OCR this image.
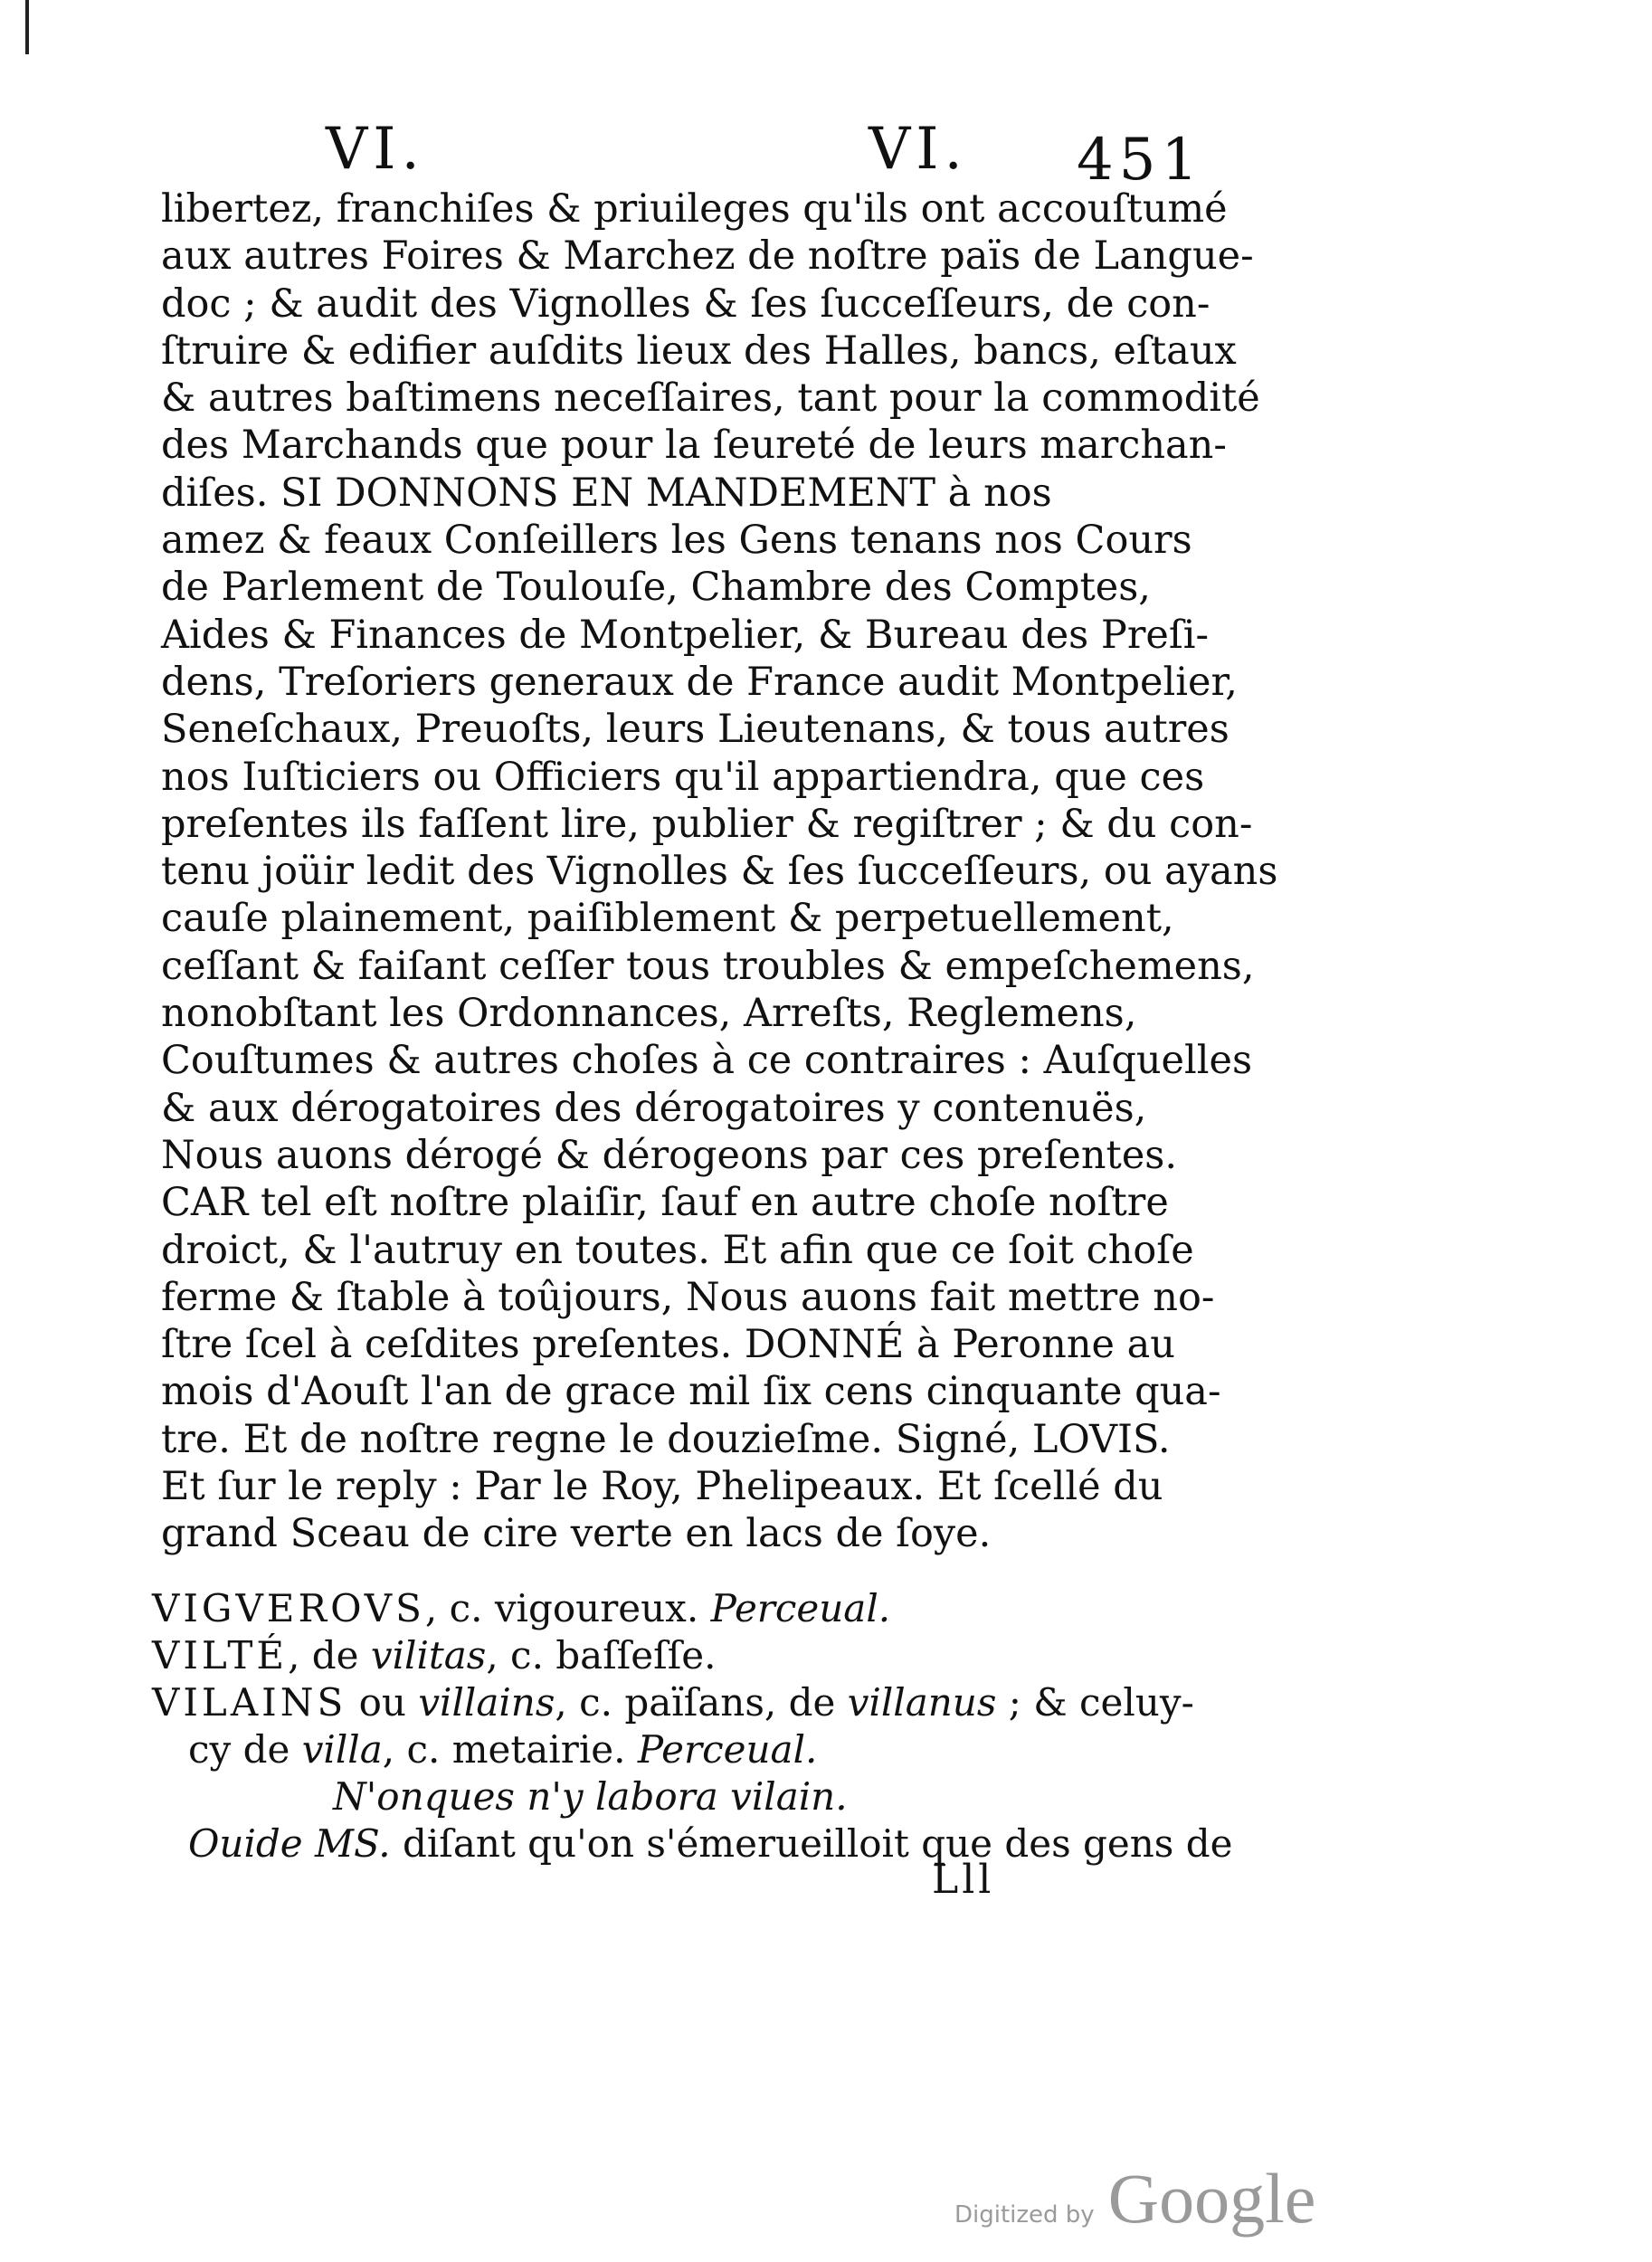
VI.	VI. 451
libertez, franchiſes & priuileges qu'ils ont accouſtumé
aux autres Foires & Marchez de noſtre païs de Langue-
doc ; & audit des Vignolles & ſes ſucceſſeurs, de con-
ſtruire & edifier auſdits lieux des Halles, bancs, eſtaux
& autres baſtimens neceſſaires, tant pour la commodité
des Marchands que pour la ſeureté de leurs marchan-
diſes. SI DONNONS EN MANDEMENT à nos
amez & feaux Conſeillers les Gens tenans nos Cours
de Parlement de Toulouſe, Chambre des Comptes,
Aides & Finances de Montpelier, & Bureau des Preſi-
dens, Treſoriers generaux de France audit Montpelier,
Seneſchaux, Preuoſts, leurs Lieutenans, & tous autres
nos Iuſticiers ou Officiers qu'il appartiendra, que ces
preſentes ils faſſent lire, publier & regiſtrer ; & du con-
tenu joüir ledit des Vignolles & ſes ſucceſſeurs, ou ayans
cauſe plainement, paiſiblement & perpetuellement,
ceſſant & faiſant ceſſer tous troubles & empeſchemens,
nonobſtant les Ordonnances, Arreſts, Reglemens,
Couſtumes & autres choſes à ce contraires : Auſquelles
& aux dérogatoires des dérogatoires y contenuës,
Nous auons dérogé & dérogeons par ces preſentes.
CAR tel eſt noſtre plaiſir, ſauf en autre choſe noſtre
droict, & l'autruy en toutes. Et afin que ce ſoit choſe
ferme & ſtable à toûjours, Nous auons fait mettre no-
ſtre ſcel à ceſdites preſentes. DONNÉ à Peronne au
mois d'Aouſt l'an de grace mil ſix cens cinquante qua-
tre. Et de noſtre regne le douzieſme. Signé, LOVIS.
Et ſur le reply : Par le Roy, Phelipeaux. Et ſcellé du
grand Sceau de cire verte en lacs de ſoye.
VIGVEROVS, c. vigoureux. Perceual.
VILTÉ, de vilitas, c. baſſeſſe.
VILAINS ou villains, c. païſans, de villanus ; & celuy-
cy de villa, c. metairie. Perceual.
N'onques n'y labora vilain.
Ouide MS. diſant qu'on s'émerueilloit que des gens de
Lll
Digitized by Google
